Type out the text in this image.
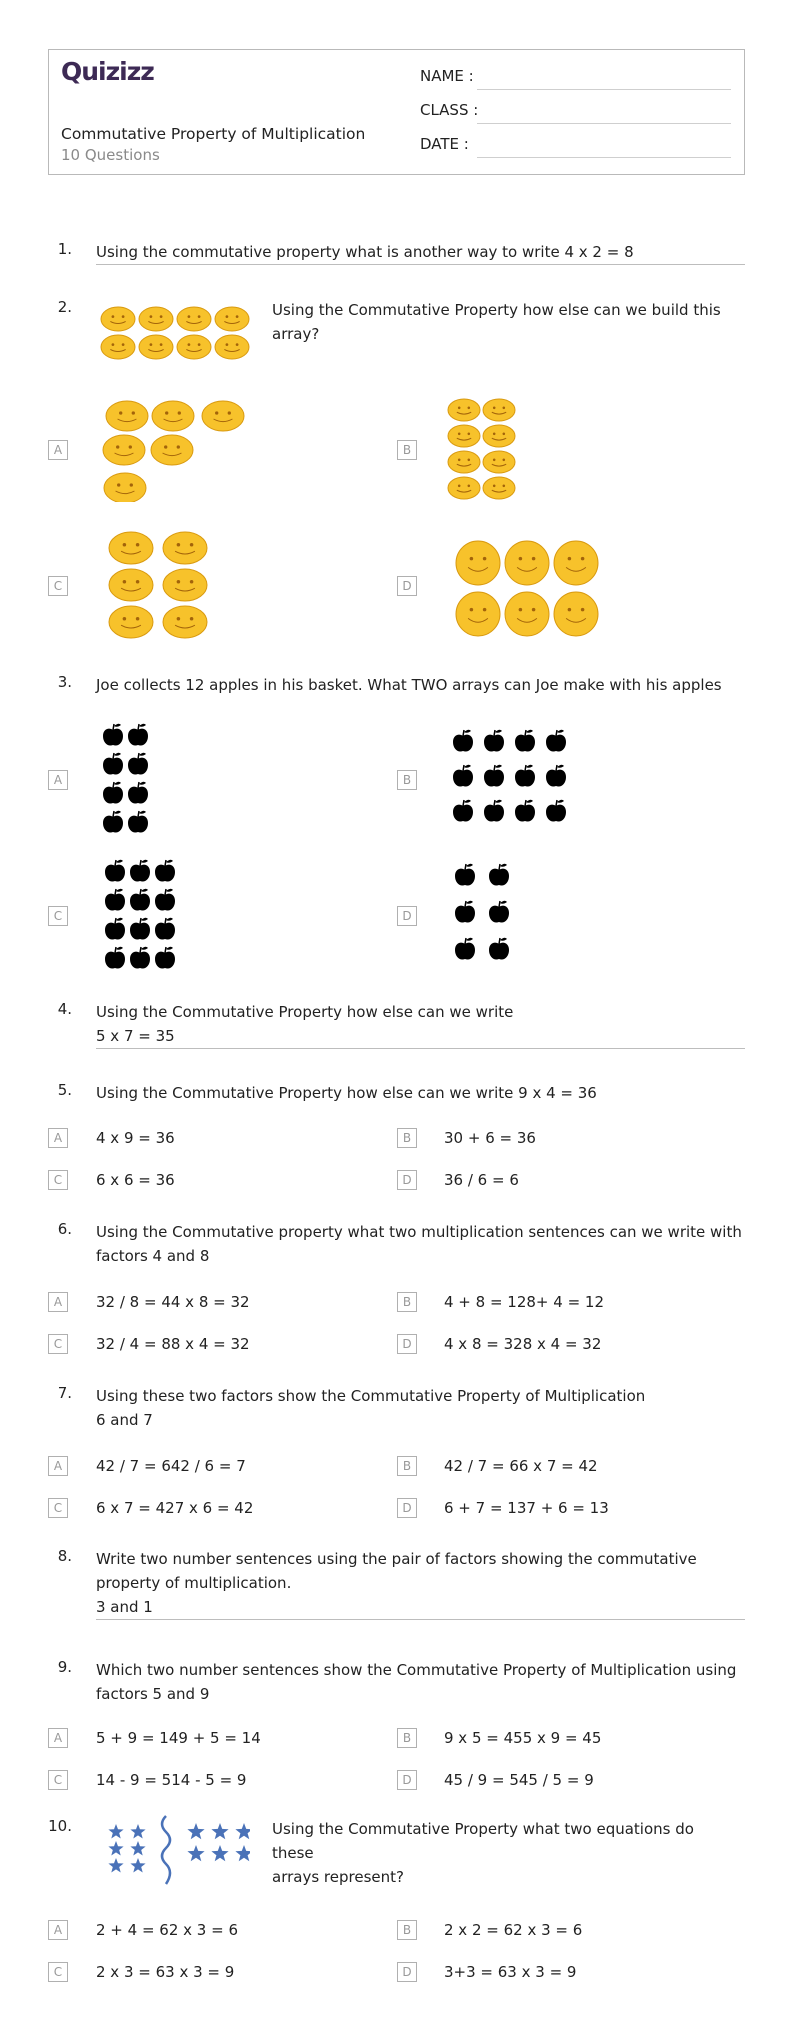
Quizizz
Commutative Property of Multiplication
10 Questions
NAME :
CLASS :
DATE :
1. Using the commutative property what is another way to write 4 x 2 = 8
2.	Using the Commutative Property how else can we build this array?
A	B
C	D
3. Joe collects 12 apples in his basket. What TWO arrays can Joe make with his apples
A	B
C	D
4. Using the Commutative Property how else can we write
5 x 7 = 35
5. Using the Commutative Property how else can we write 9 x 4 = 36
A	4 x 9 = 36	B	30 + 6 = 36
C	6 x 6 = 36	D	36 / 6 = 6
6. Using the Commutative property what two multiplication sentences can we write with
factors 4 and 8
A	32 / 8 = 44 x 8 = 32	B	4 + 8 = 128+ 4 = 12
C	32 / 4 = 88 x 4 = 32	D	4 x 8 = 328 x 4 = 32
7. Using these two factors show the Commutative Property of Multiplication
6 and 7
A	42 / 7 = 642 / 6 = 7	B	42 / 7 = 66 x 7 = 42
C	6 x 7 = 427 x 6 = 42	D	6 + 7 = 137 + 6 = 13
8. Write two number sentences using the pair of factors showing the commutative
property of multiplication.
3 and 1
9. Which two number sentences show the Commutative Property of Multiplication using
factors 5 and 9
A	5 + 9 = 149 + 5 = 14	B	9 x 5 = 455 x 9 = 45
C	14 - 9 = 514 - 5 = 9	D	45 / 9 = 545 / 5 = 9
10.	Using the Commutative Property what two equations do these
arrays represent?
A	2 + 4 = 62 x 3 = 6	B	2 x 2 = 62 x 3 = 6
C	2 x 3 = 63 x 3 = 9	D	3+3 = 63 x 3 = 9
